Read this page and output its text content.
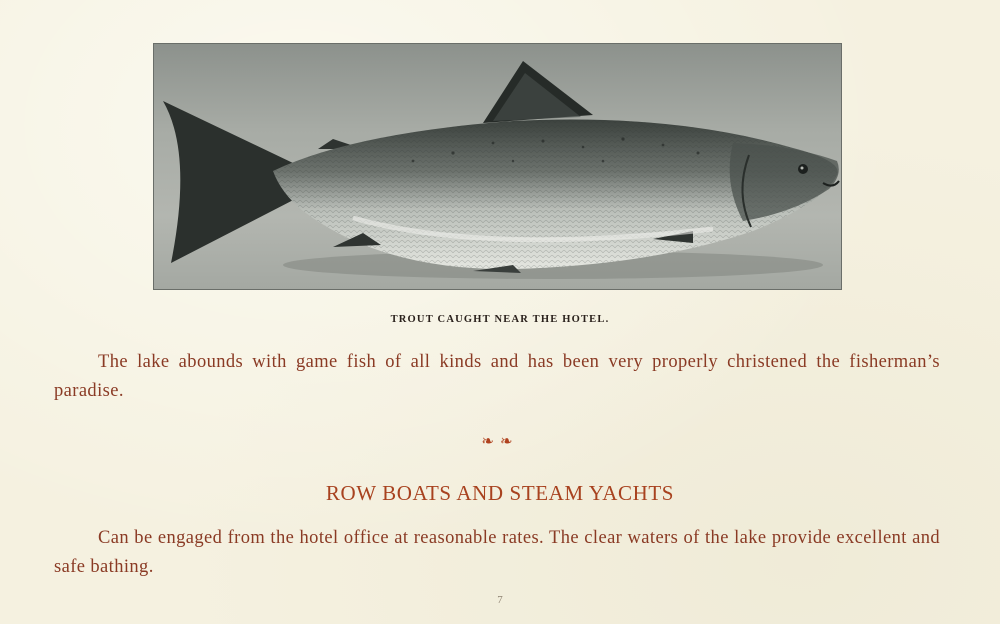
TROUT CAUGHT NEAR THE HOTEL.

The lake abounds with game fish of all kinds and has been very properly christened the fisherman’s paradise.

❧❧
ROW BOATS AND STEAM YACHTS

Can be engaged from the hotel office at reasonable rates. The clear waters of the lake provide excellent and safe bathing.

7
